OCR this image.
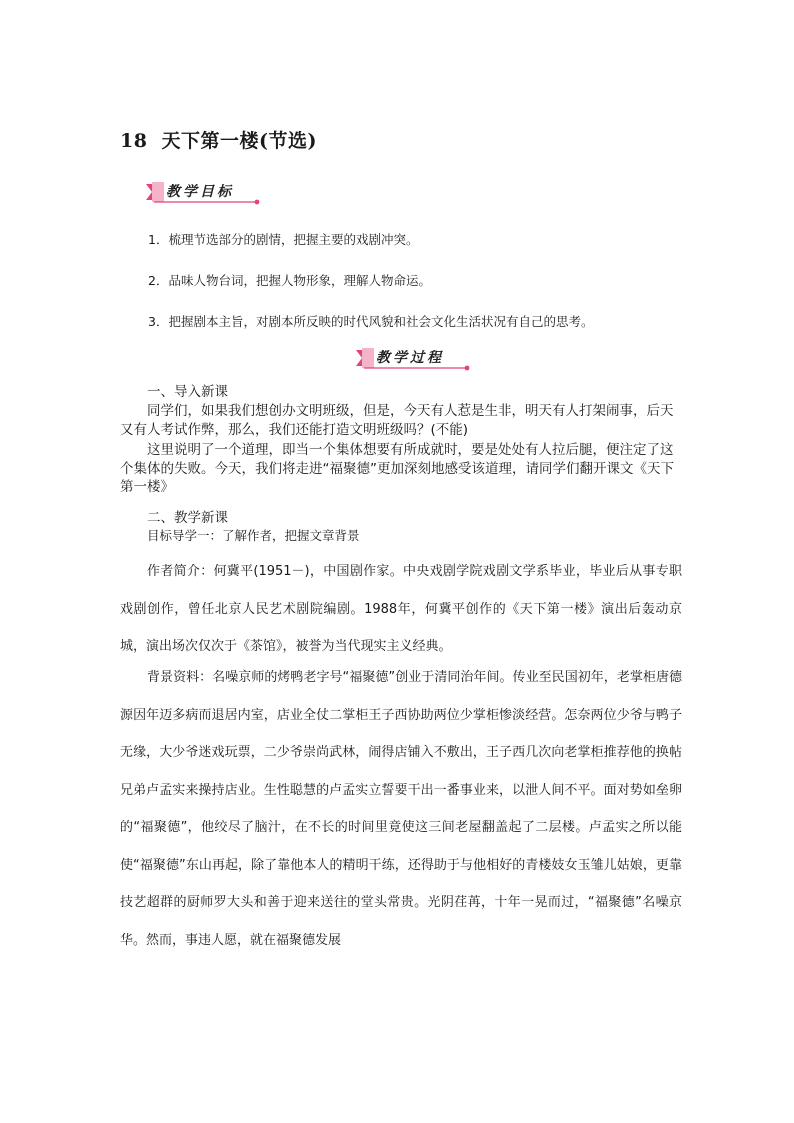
18 天下第一楼(节选)
教学目标
1．梳理节选部分的剧情，把握主要的戏剧冲突。
2．品味人物台词，把握人物形象，理解人物命运。
3．把握剧本主旨，对剧本所反映的时代风貌和社会文化生活状况有自己的思考。
教学过程
一、导入新课
同学们，如果我们想创办文明班级，但是，今天有人惹是生非，明天有人打架闹事，后天又有人考试作弊，那么，我们还能打造文明班级吗？(不能)
这里说明了一个道理，即当一个集体想要有所成就时，要是处处有人拉后腿，便注定了这个集体的失败。今天，我们将走进“福聚德”更加深刻地感受该道理，请同学们翻开课文《天下第一楼》
二、教学新课
目标导学一：了解作者，把握文章背景
作者简介：何冀平(1951－)，中国剧作家。中央戏剧学院戏剧文学系毕业，毕业后从事专职戏剧创作，曾任北京人民艺术剧院编剧。1988年，何冀平创作的《天下第一楼》演出后轰动京城，演出场次仅次于《茶馆》，被誉为当代现实主义经典。
背景资料：名噪京师的烤鸭老字号“福聚德”创业于清同治年间。传业至民国初年，老掌柜唐德源因年迈多病而退居内室，店业全仗二掌柜王子西协助两位少掌柜惨淡经营。怎奈两位少爷与鸭子无缘，大少爷迷戏玩票，二少爷崇尚武林，闹得店铺入不敷出，王子西几次向老掌柜推荐他的换帖兄弟卢孟实来操持店业。生性聪慧的卢孟实立誓要干出一番事业来，以泄人间不平。面对势如垒卵的“福聚德”，他绞尽了脑汁，在不长的时间里竟使这三间老屋翻盖起了二层楼。卢孟实之所以能使“福聚德”东山再起，除了靠他本人的精明干练，还得助于与他相好的青楼妓女玉雏儿姑娘，更靠技艺超群的厨师罗大头和善于迎来送往的堂头常贵。光阴荏苒，十年一晃而过，“福聚德”名噪京华。然而，事违人愿，就在福聚德发展
